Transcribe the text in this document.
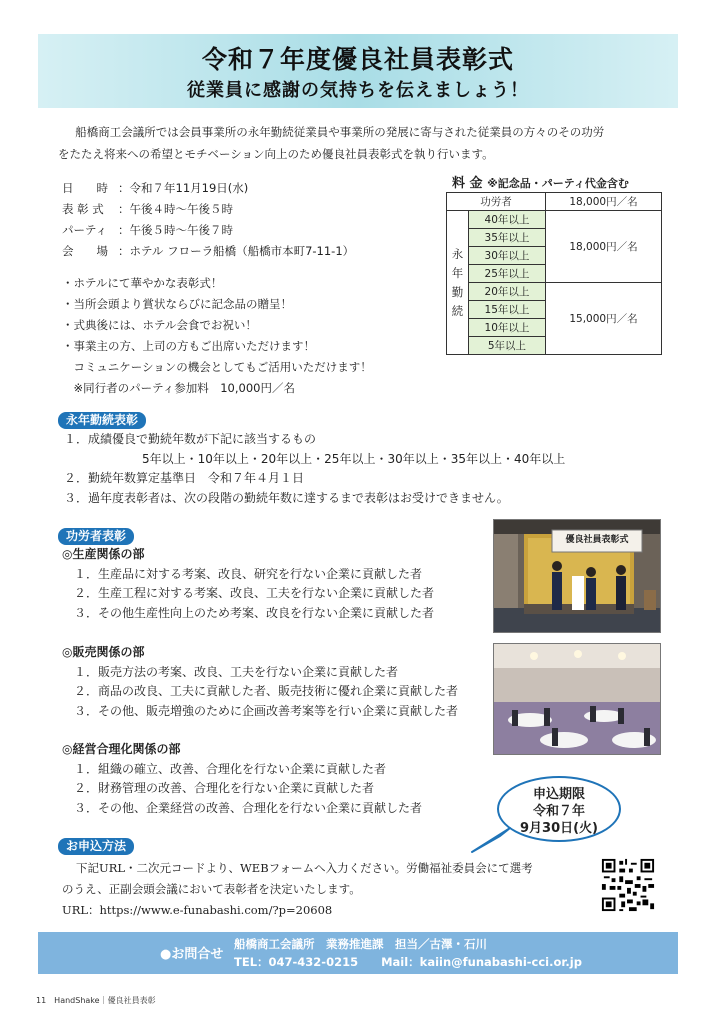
令和７年度優良社員表彰式
従業員に感謝の気持ちを伝えましょう！

船橋商工会議所では会員事業所の永年勤続従業員や事業所の発展に寄与された従業員の方々のその功労

をたたえ将来への希望とモチベーション向上のため優良社員表彰式を執り行います。

日　　時 ：令和７年11月19日(水)
表 彰 式	：午後４時〜午後５時
パーティ ：午後５時〜午後７時
会　　場 ：ホテル フローラ船橋（船橋市本町7-11-1）
・ホテルにて華やかな表彰式！
・当所会頭より賞状ならびに記念品の贈呈！
・式典後には、ホテル会食でお祝い！
・事業主の方、上司の方もご出席いただけます！
　コミュニケーションの機会としてもご活用いただけます！
　※同行者のパーティ参加料　10,000円／名
料 金 ※記念品・パーティ代金含む
功労者		18,000円／名

永
年
勤
続	40年以上	18,000円／名
	35年以上	
	30年以上	
	25年以上	
	20年以上	15,000円／名
	15年以上	
	10年以上	
	5年以上	
永年勤続表彰
１．成績優良で勤続年数が下記に該当するもの
5年以上・10年以上・20年以上・25年以上・30年以上・35年以上・40年以上
２．勤続年数算定基準日　令和７年４月１日
３．過年度表彰者は、次の段階の勤続年数に達するまで表彰はお受けできません。
功労者表彰
◎生産関係の部
１．生産品に対する考案、改良、研究を行ない企業に貢献した者
２．生産工程に対する考案、改良、工夫を行ない企業に貢献した者
３．その他生産性向上のため考案、改良を行ない企業に貢献した者
◎販売関係の部
１．販売方法の考案、改良、工夫を行ない企業に貢献した者
２．商品の改良、工夫に貢献した者、販売技術に優れ企業に貢献した者
３．その他、販売増強のために企画改善考案等を行い企業に貢献した者
◎経営合理化関係の部
１．組織の確立、改善、合理化を行ない企業に貢献した者
２．財務管理の改善、合理化を行ない企業に貢献した者
３．その他、企業経営の改善、合理化を行ない企業に貢献した者
優良社員表彰式
申込期限
令和７年
9月30日(火)
お申込方法
下記URL・二次元コードより、WEBフォームへ入力ください。労働福祉委員会にて選考
のうえ、正副会頭会議において表彰者を決定いたします。
URL：https://www.e-funabashi.com/?p=20608
●お問合せ
船橋商工会議所　業務推進課　担当／古澤・石川
TEL：047-432-0215　　Mail：kaiin@funabashi-cci.or.jp
11　HandShake｜優良社員表彰
